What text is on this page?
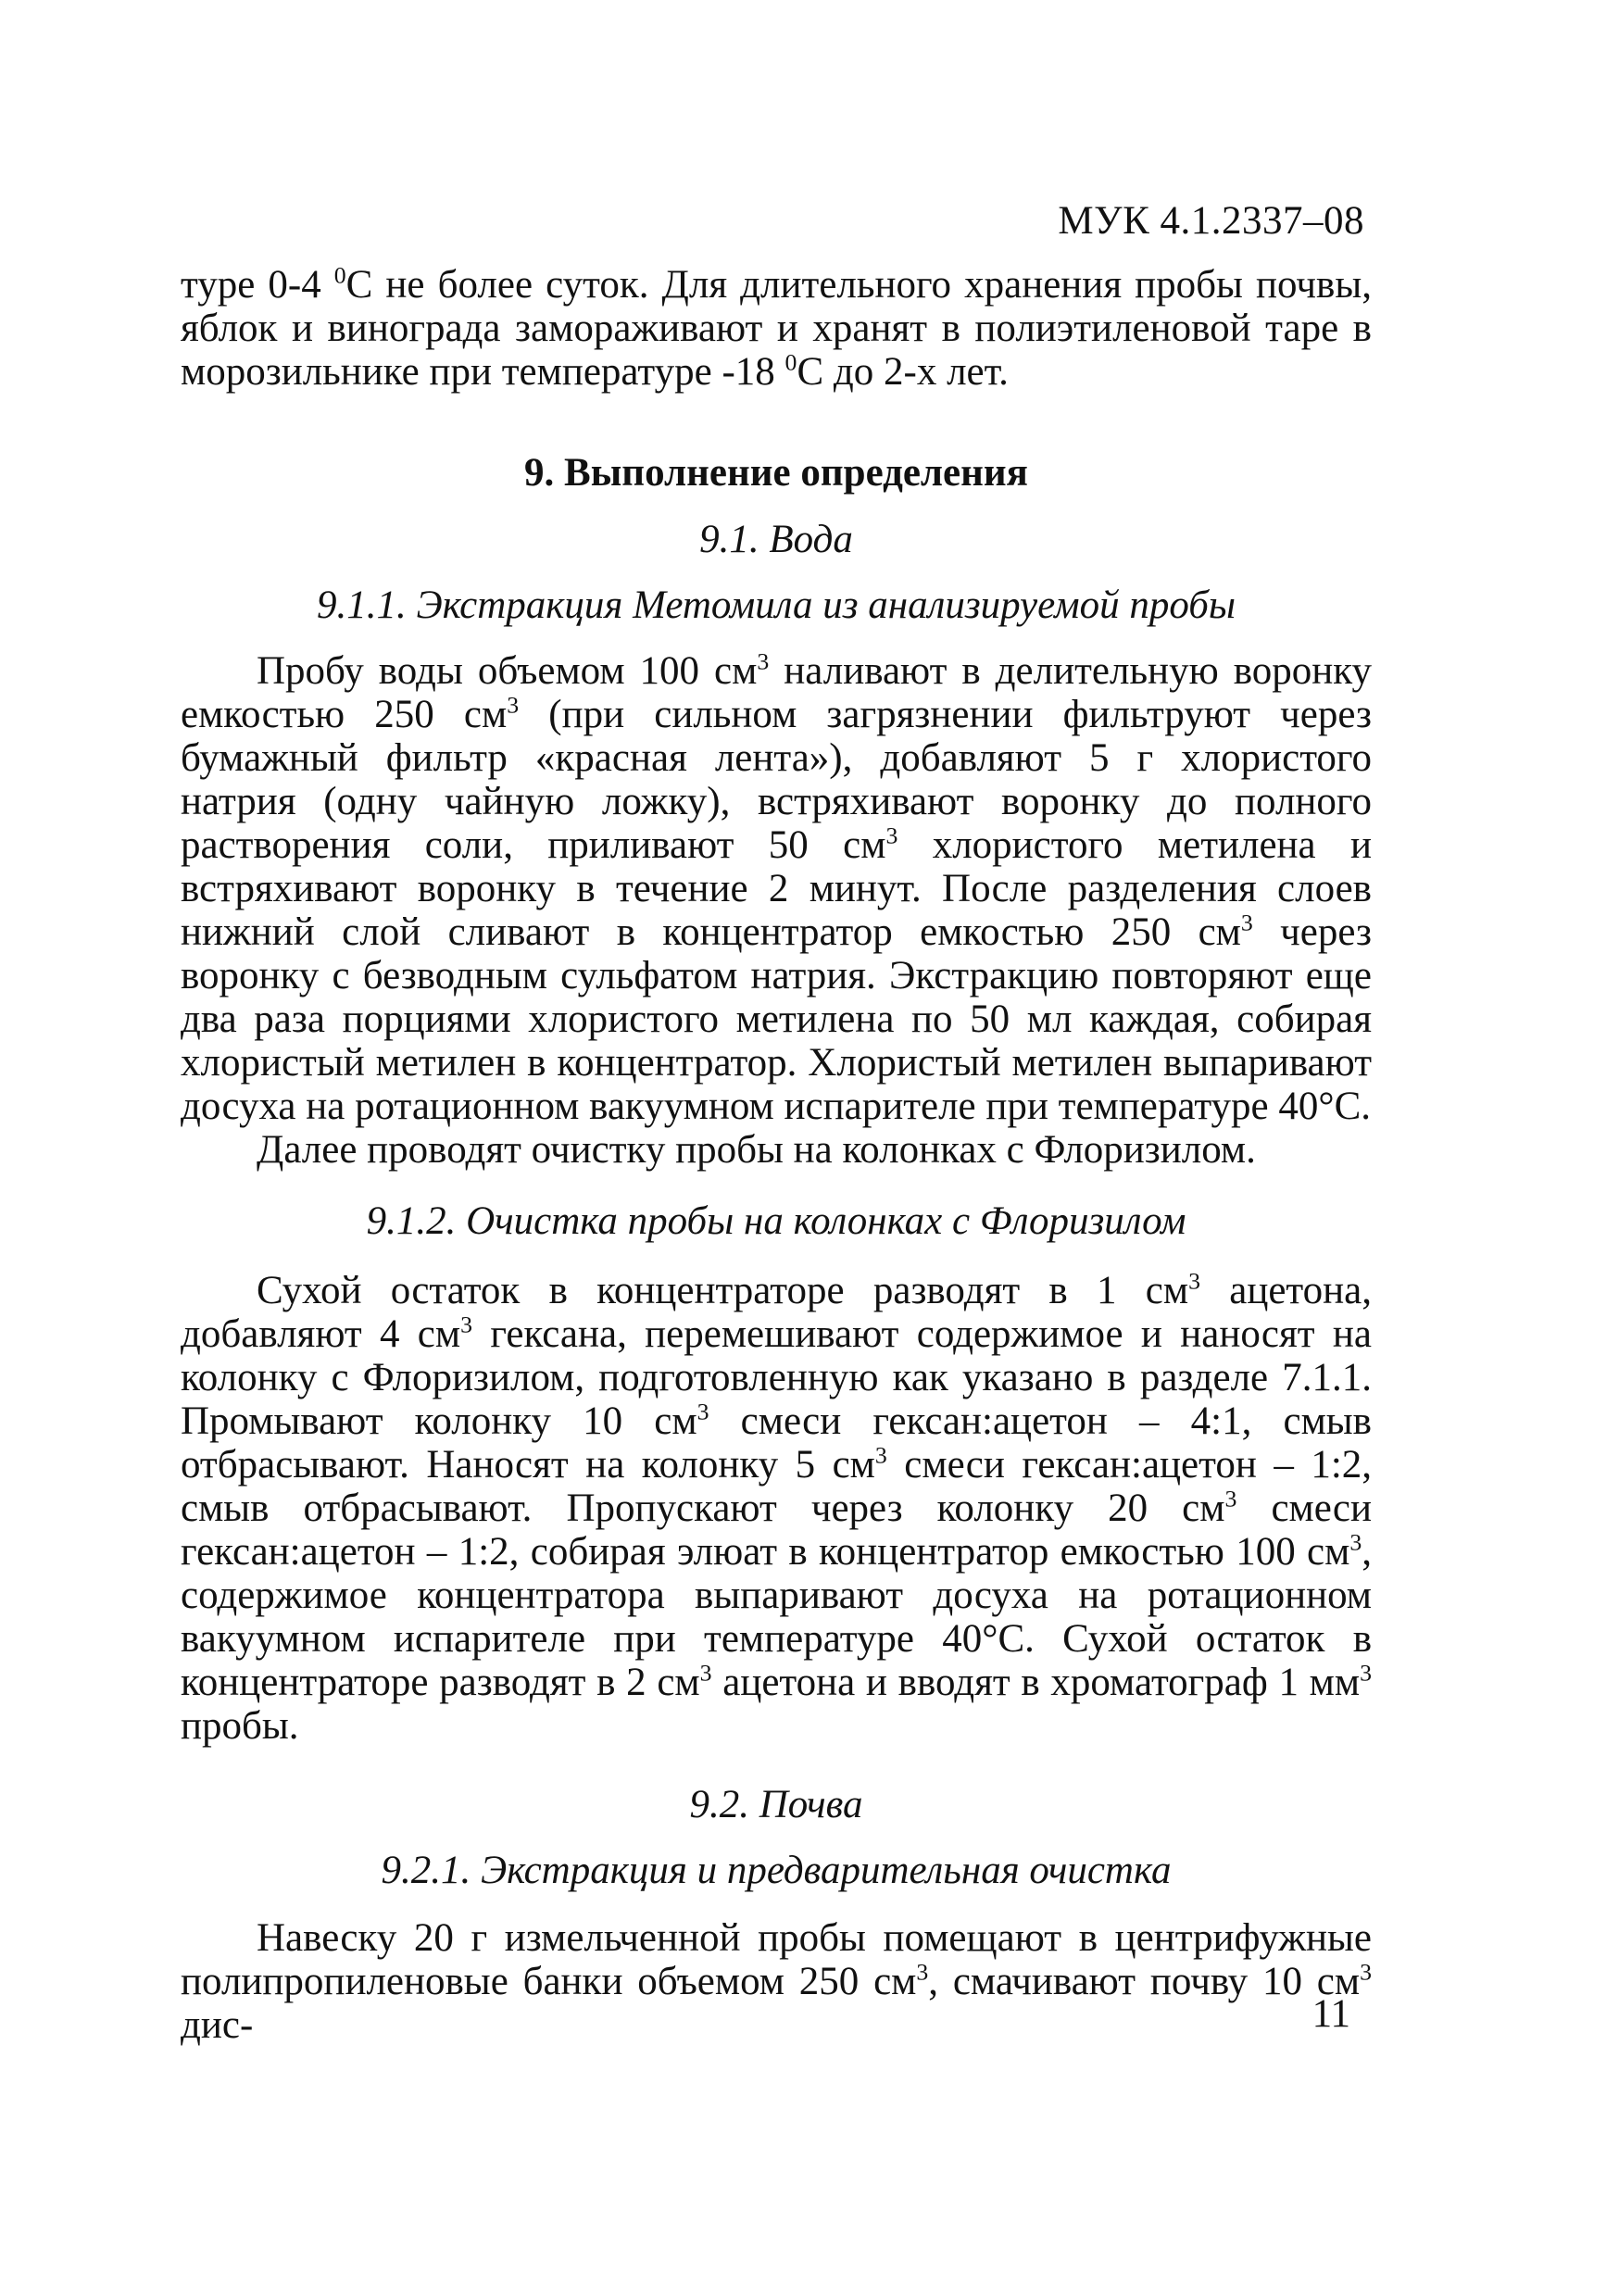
МУК 4.1.2337–08

туре 0-4 $^0$С не более суток. Для длительного хранения пробы почвы, яблок и винограда замораживают и хранят в полиэтиленовой таре в морозильнике при температуре -18 $^0$С до 2-х лет.

9. Выполнение определения

9.1. Вода

9.1.1. Экстракция Метомила из анализируемой пробы

Пробу воды объемом 100 $см^3$ наливают в делительную воронку емкостью 250 $см^3$ (при сильном загрязнении фильтруют через бумажный фильтр «красная лента»), добавляют 5 г хлористого натрия (одну чайную ложку), встряхивают воронку до полного растворения соли, приливают 50 $см^3$ хлористого метилена и встряхивают воронку в течение 2 минут. После разделения слоев нижний слой сливают в концентратор емкостью 250 $см^3$ через воронку с безводным сульфатом натрия. Экстракцию повторяют еще два раза порциями хлористого метилена по 50 мл каждая, собирая хлористый метилен в концентратор. Хлористый метилен выпаривают досуха на ротационном вакуумном испарителе при температуре 40°С.

Далее проводят очистку пробы на колонках с Флоризилом.

9.1.2. Очистка пробы на колонках с Флоризилом

Сухой остаток в концентраторе разводят в 1 $см^3$ ацетона, добавляют 4 $см^3$ гексана, перемешивают содержимое и наносят на колонку с Флоризилом, подготовленную как указано в разделе 7.1.1. Промывают колонку 10 $см^3$ смеси гексан:ацетон – 4:1, смыв отбрасывают. Наносят на колонку 5 $см^3$ смеси гексан:ацетон – 1:2, смыв отбрасывают. Пропускают через колонку 20 $см^3$ смеси гексан:ацетон – 1:2, собирая элюат в концентратор емкостью 100 $см^3$, содержимое концентратора выпаривают досуха на ротационном вакуумном испарителе при температуре 40°С. Сухой остаток в концентраторе разводят в 2 $см^3$ ацетона и вводят в хроматограф 1 $мм^3$ пробы.

9.2. Почва

9.2.1. Экстракция и предварительная очистка

Навеску 20 г измельченной пробы помещают в центрифужные полипропиленовые банки объемом 250 $см^3$, смачивают почву 10 $см^3$ дис-	11
